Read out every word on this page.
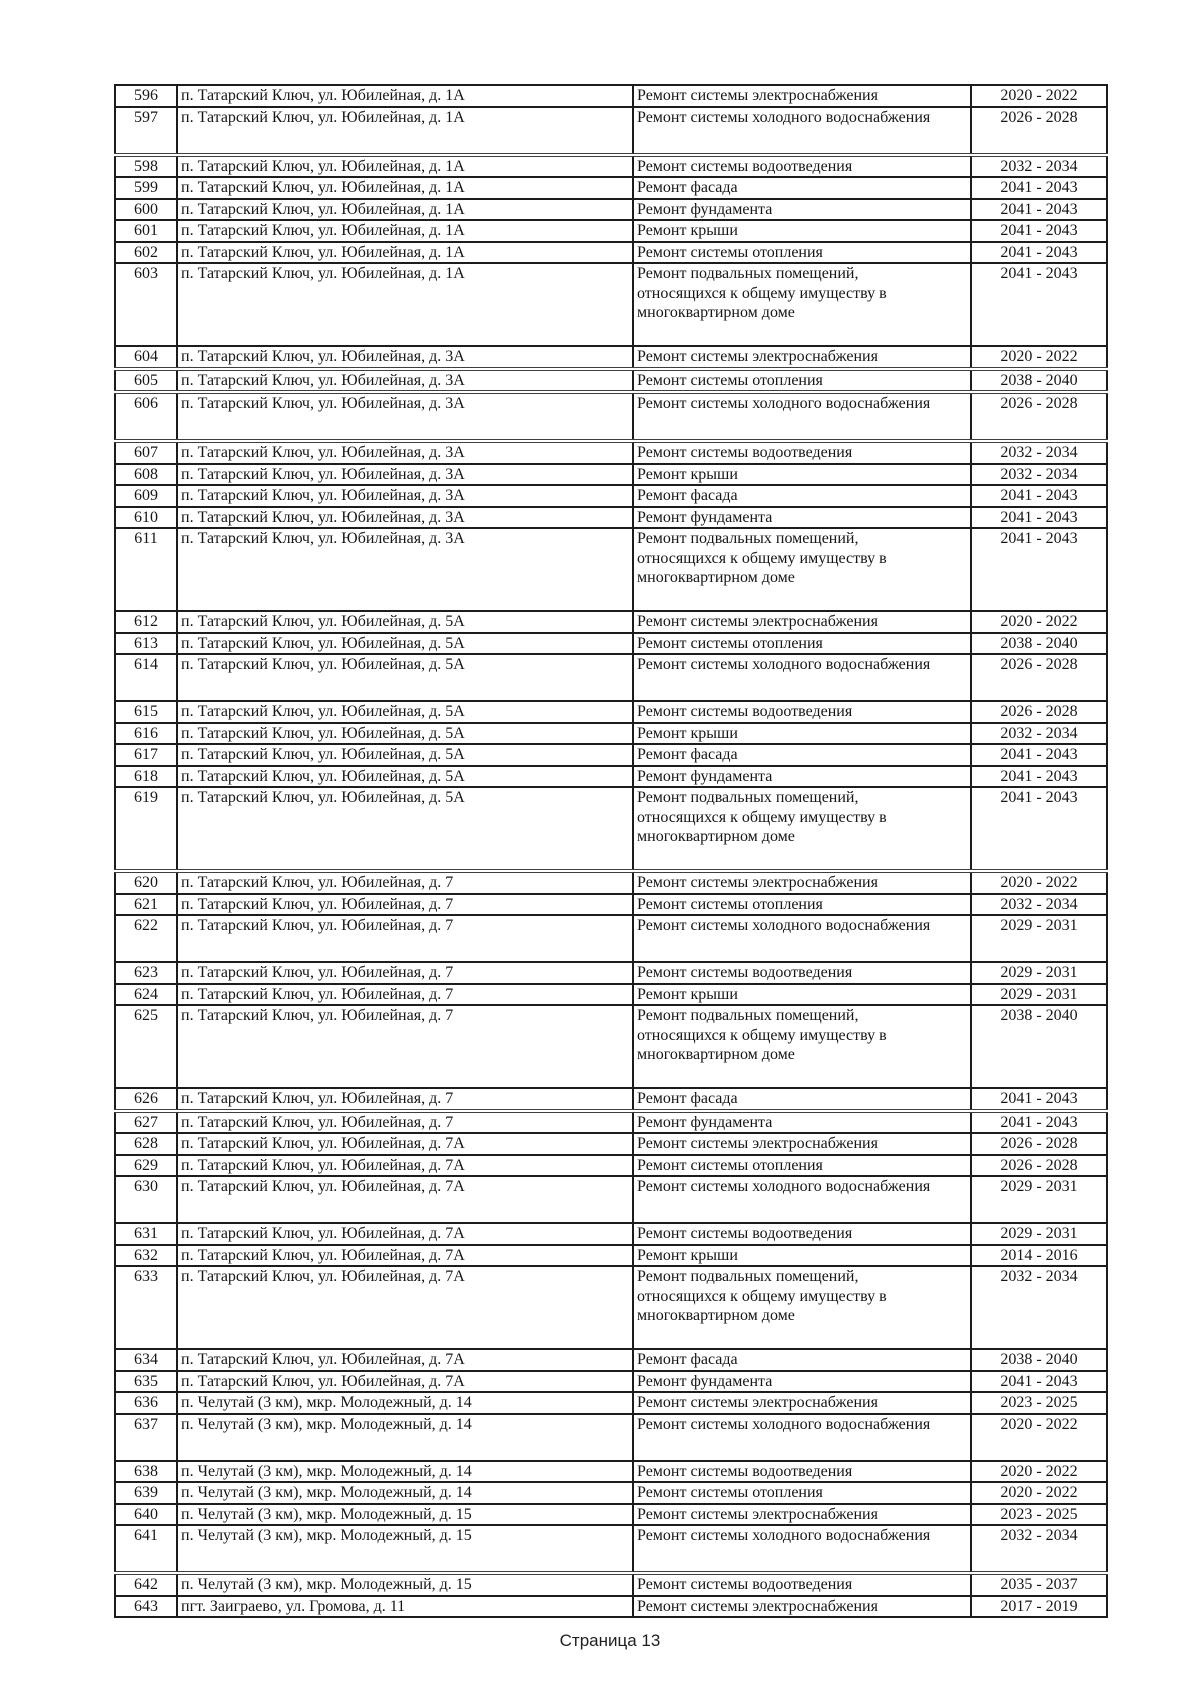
596	п. Татарский Ключ, ул. Юбилейная, д. 1А	Ремонт системы электроснабжения	2020 - 2022
597	п. Татарский Ключ, ул. Юбилейная, д. 1А	Ремонт системы холодного водоснабжения	2026 - 2028
598	п. Татарский Ключ, ул. Юбилейная, д. 1А	Ремонт системы водоотведения	2032 - 2034
599	п. Татарский Ключ, ул. Юбилейная, д. 1А	Ремонт фасада	2041 - 2043
600	п. Татарский Ключ, ул. Юбилейная, д. 1А	Ремонт фундамента	2041 - 2043
601	п. Татарский Ключ, ул. Юбилейная, д. 1А	Ремонт крыши	2041 - 2043
602	п. Татарский Ключ, ул. Юбилейная, д. 1А	Ремонт системы отопления	2041 - 2043
603	п. Татарский Ключ, ул. Юбилейная, д. 1А	Ремонт подвальных помещений, относящихся к общему имуществу в многоквартирном доме	2041 - 2043
604	п. Татарский Ключ, ул. Юбилейная, д. 3А	Ремонт системы электроснабжения	2020 - 2022
605	п. Татарский Ключ, ул. Юбилейная, д. 3А	Ремонт системы отопления	2038 - 2040
606	п. Татарский Ключ, ул. Юбилейная, д. 3А	Ремонт системы холодного водоснабжения	2026 - 2028
607	п. Татарский Ключ, ул. Юбилейная, д. 3А	Ремонт системы водоотведения	2032 - 2034
608	п. Татарский Ключ, ул. Юбилейная, д. 3А	Ремонт крыши	2032 - 2034
609	п. Татарский Ключ, ул. Юбилейная, д. 3А	Ремонт фасада	2041 - 2043
610	п. Татарский Ключ, ул. Юбилейная, д. 3А	Ремонт фундамента	2041 - 2043
611	п. Татарский Ключ, ул. Юбилейная, д. 3А	Ремонт подвальных помещений, относящихся к общему имуществу в многоквартирном доме	2041 - 2043
612	п. Татарский Ключ, ул. Юбилейная, д. 5А	Ремонт системы электроснабжения	2020 - 2022
613	п. Татарский Ключ, ул. Юбилейная, д. 5А	Ремонт системы отопления	2038 - 2040
614	п. Татарский Ключ, ул. Юбилейная, д. 5А	Ремонт системы холодного водоснабжения	2026 - 2028
615	п. Татарский Ключ, ул. Юбилейная, д. 5А	Ремонт системы водоотведения	2026 - 2028
616	п. Татарский Ключ, ул. Юбилейная, д. 5А	Ремонт крыши	2032 - 2034
617	п. Татарский Ключ, ул. Юбилейная, д. 5А	Ремонт фасада	2041 - 2043
618	п. Татарский Ключ, ул. Юбилейная, д. 5А	Ремонт фундамента	2041 - 2043
619	п. Татарский Ключ, ул. Юбилейная, д. 5А	Ремонт подвальных помещений, относящихся к общему имуществу в многоквартирном доме	2041 - 2043
620	п. Татарский Ключ, ул. Юбилейная, д. 7	Ремонт системы электроснабжения	2020 - 2022
621	п. Татарский Ключ, ул. Юбилейная, д. 7	Ремонт системы отопления	2032 - 2034
622	п. Татарский Ключ, ул. Юбилейная, д. 7	Ремонт системы холодного водоснабжения	2029 - 2031
623	п. Татарский Ключ, ул. Юбилейная, д. 7	Ремонт системы водоотведения	2029 - 2031
624	п. Татарский Ключ, ул. Юбилейная, д. 7	Ремонт крыши	2029 - 2031
625	п. Татарский Ключ, ул. Юбилейная, д. 7	Ремонт подвальных помещений, относящихся к общему имуществу в многоквартирном доме	2038 - 2040
626	п. Татарский Ключ, ул. Юбилейная, д. 7	Ремонт фасада	2041 - 2043
627	п. Татарский Ключ, ул. Юбилейная, д. 7	Ремонт фундамента	2041 - 2043
628	п. Татарский Ключ, ул. Юбилейная, д. 7А	Ремонт системы электроснабжения	2026 - 2028
629	п. Татарский Ключ, ул. Юбилейная, д. 7А	Ремонт системы отопления	2026 - 2028
630	п. Татарский Ключ, ул. Юбилейная, д. 7А	Ремонт системы холодного водоснабжения	2029 - 2031
631	п. Татарский Ключ, ул. Юбилейная, д. 7А	Ремонт системы водоотведения	2029 - 2031
632	п. Татарский Ключ, ул. Юбилейная, д. 7А	Ремонт крыши	2014 - 2016
633	п. Татарский Ключ, ул. Юбилейная, д. 7А	Ремонт подвальных помещений, относящихся к общему имуществу в многоквартирном доме	2032 - 2034
634	п. Татарский Ключ, ул. Юбилейная, д. 7А	Ремонт фасада	2038 - 2040
635	п. Татарский Ключ, ул. Юбилейная, д. 7А	Ремонт фундамента	2041 - 2043
636	п. Челутай (3 км), мкр. Молодежный, д. 14	Ремонт системы электроснабжения	2023 - 2025
637	п. Челутай (3 км), мкр. Молодежный, д. 14	Ремонт системы холодного водоснабжения	2020 - 2022
638	п. Челутай (3 км), мкр. Молодежный, д. 14	Ремонт системы водоотведения	2020 - 2022
639	п. Челутай (3 км), мкр. Молодежный, д. 14	Ремонт системы отопления	2020 - 2022
640	п. Челутай (3 км), мкр. Молодежный, д. 15	Ремонт системы электроснабжения	2023 - 2025
641	п. Челутай (3 км), мкр. Молодежный, д. 15	Ремонт системы холодного водоснабжения	2032 - 2034
642	п. Челутай (3 км), мкр. Молодежный, д. 15	Ремонт системы водоотведения	2035 - 2037
643	пгт. Заиграево, ул. Громова, д. 11	Ремонт системы электроснабжения	2017 - 2019
Страница 13
